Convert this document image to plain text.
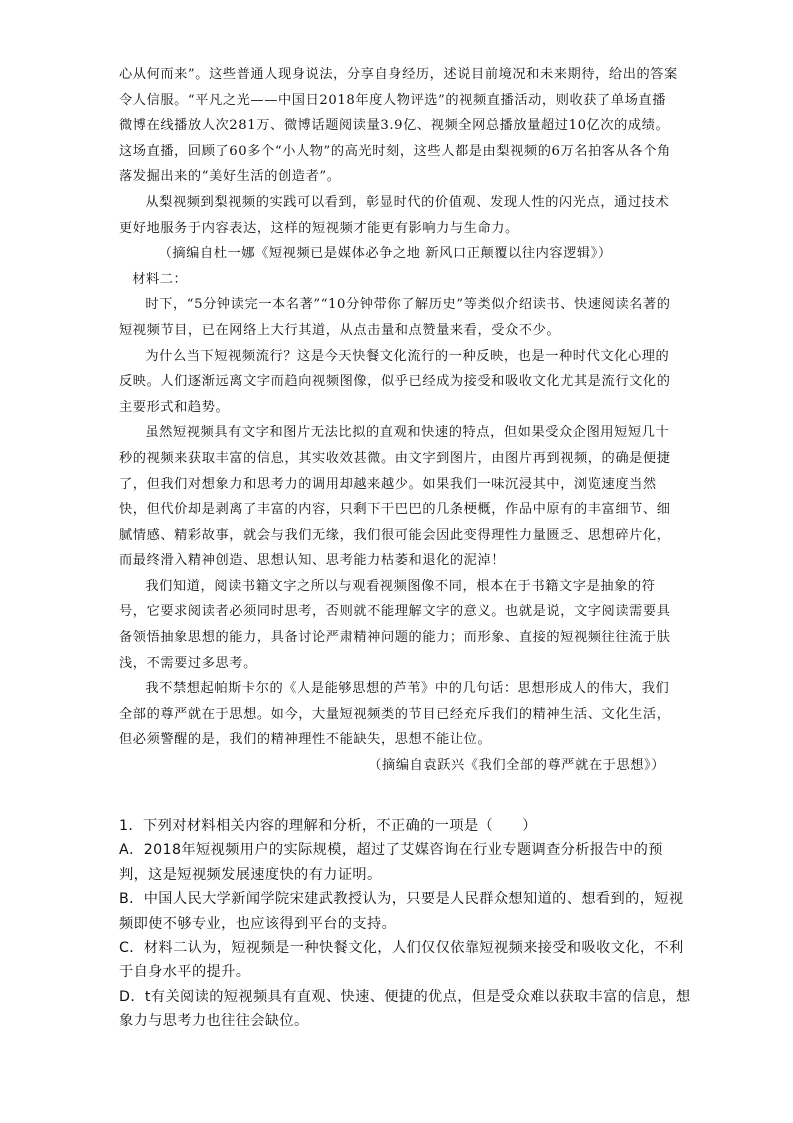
心从何而来”。这些普通人现身说法，分享自身经历，述说目前境况和未来期待，给出的答案令人信服。“平凡之光——中国日2018年度人物评选”的视频直播活动，则收获了单场直播微博在线播放人次281万、微博话题阅读量3.9亿、视频全网总播放量超过10亿次的成绩。这场直播，回顾了60多个“小人物”的高光时刻，这些人都是由梨视频的6万名拍客从各个角落发掘出来的“美好生活的创造者”。

从梨视频到梨视频的实践可以看到，彰显时代的价值观、发现人性的闪光点，通过技术更好地服务于内容表达，这样的短视频才能更有影响力与生命力。

（摘编自杜一娜《短视频已是媒体必争之地 新风口正颠覆以往内容逻辑》）

材料二：

时下，“5分钟读完一本名著”“10分钟带你了解历史”等类似介绍读书、快速阅读名著的短视频节目，已在网络上大行其道，从点击量和点赞量来看，受众不少。

为什么当下短视频流行？这是今天快餐文化流行的一种反映，也是一种时代文化心理的反映。人们逐渐远离文字而趋向视频图像，似乎已经成为接受和吸收文化尤其是流行文化的主要形式和趋势。

虽然短视频具有文字和图片无法比拟的直观和快速的特点，但如果受众企图用短短几十秒的视频来获取丰富的信息，其实收效甚微。由文字到图片，由图片再到视频，的确是便捷了，但我们对想象力和思考力的调用却越来越少。如果我们一味沉浸其中，浏览速度当然快，但代价却是剥离了丰富的内容，只剩下干巴巴的几条梗概，作品中原有的丰富细节、细腻情感、精彩故事，就会与我们无缘，我们很可能会因此变得理性力量匮乏、思想碎片化，而最终滑入精神创造、思想认知、思考能力枯萎和退化的泥淖！

我们知道，阅读书籍文字之所以与观看视频图像不同，根本在于书籍文字是抽象的符号，它要求阅读者必须同时思考，否则就不能理解文字的意义。也就是说，文字阅读需要具备领悟抽象思想的能力，具备讨论严肃精神问题的能力；而形象、直接的短视频往往流于肤浅，不需要过多思考。

我不禁想起帕斯卡尔的《人是能够思想的芦苇》中的几句话：思想形成人的伟大，我们全部的尊严就在于思想。如今，大量短视频类的节目已经充斥我们的精神生活、文化生活，但必须警醒的是，我们的精神理性不能缺失，思想不能让位。

（摘编自袁跃兴《我们全部的尊严就在于思想》）

1．下列对材料相关内容的理解和分析，不正确的一项是（　　）

A．2018年短视频用户的实际规模，超过了艾媒咨询在行业专题调查分析报告中的预判，这是短视频发展速度快的有力证明。

B．中国人民大学新闻学院宋建武教授认为，只要是人民群众想知道的、想看到的，短视频即使不够专业，也应该得到平台的支持。

C．材料二认为，短视频是一种快餐文化，人们仅仅依靠短视频来接受和吸收文化，不利于自身水平的提升。

D．t有关阅读的短视频具有直观、快速、便捷的优点，但是受众难以获取丰富的信息，想象力与思考力也往往会缺位。
